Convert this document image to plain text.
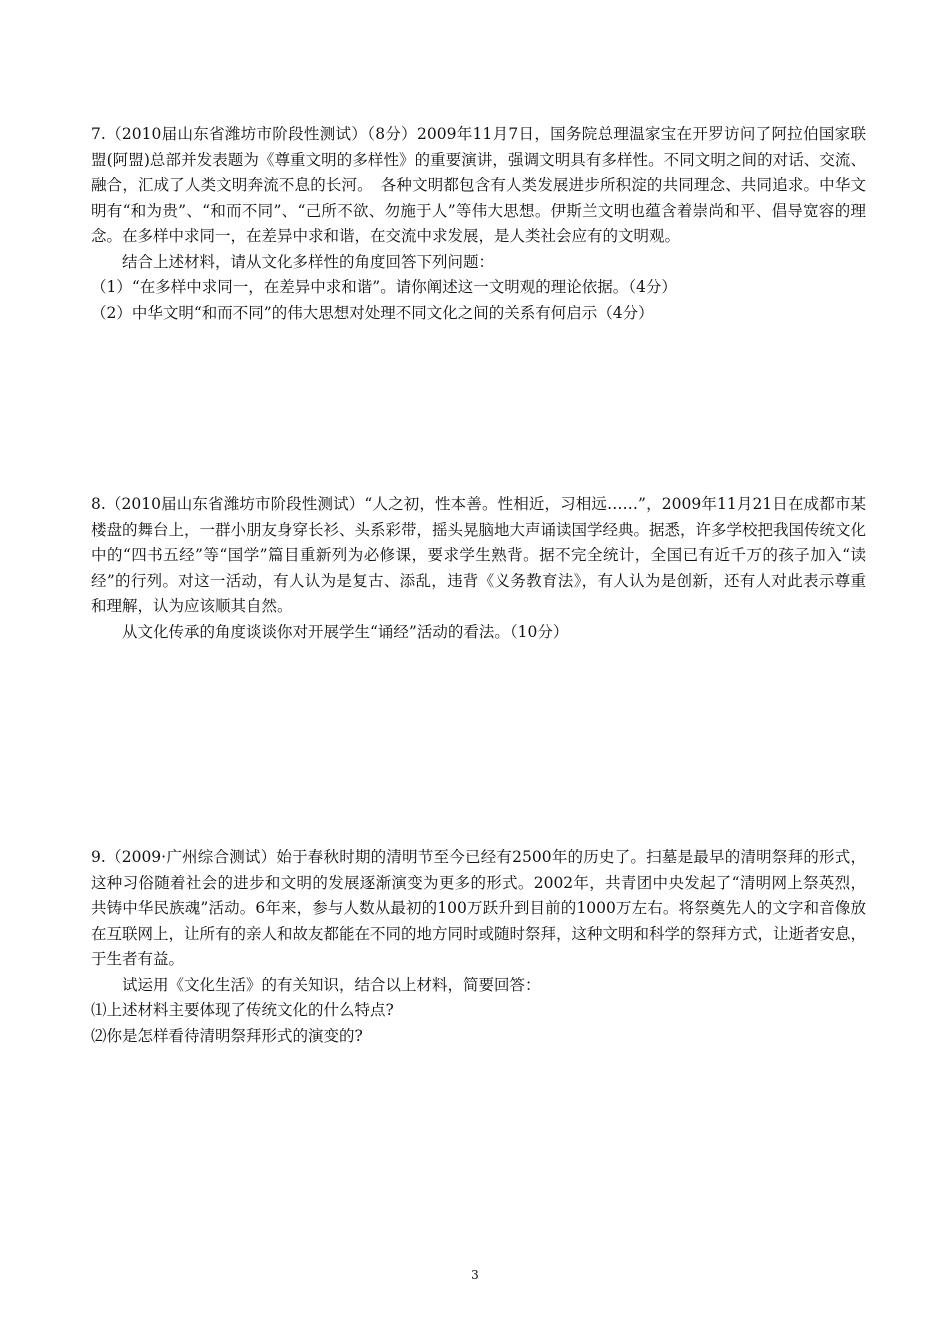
7.（2010届山东省潍坊市阶段性测试）（8分）2009年11月7日，国务院总理温家宝在开罗访问了阿拉伯国家联盟(阿盟)总部并发表题为《尊重文明的多样性》的重要演讲，强调文明具有多样性。不同文明之间的对话、交流、融合，汇成了人类文明奔流不息的长河。　各种文明都包含有人类发展进步所积淀的共同理念、共同追求。中华文明有“和为贵”、“和而不同”、“己所不欲、勿施于人”等伟大思想。伊斯兰文明也蕴含着崇尚和平、倡导宽容的理念。在多样中求同一，在差异中求和谐，在交流中求发展，是人类社会应有的文明观。

结合上述材料，请从文化多样性的角度回答下列问题：

（1）“在多样中求同一，在差异中求和谐”。请你阐述这一文明观的理论依据。（4分）

（2）中华文明“和而不同”的伟大思想对处理不同文化之间的关系有何启示（4分）

8.（2010届山东省潍坊市阶段性测试）“人之初，性本善。性相近，习相远……”，2009年11月21日在成都市某楼盘的舞台上，一群小朋友身穿长衫、头系彩带，摇头晃脑地大声诵读国学经典。据悉，许多学校把我国传统文化中的“四书五经”等“国学”篇目重新列为必修课，要求学生熟背。据不完全统计，全国已有近千万的孩子加入“读经”的行列。对这一活动，有人认为是复古、添乱，违背《义务教育法》，有人认为是创新，还有人对此表示尊重和理解，认为应该顺其自然。

从文化传承的角度谈谈你对开展学生“诵经”活动的看法。（10分）

9.（2009·广州综合测试）始于春秋时期的清明节至今已经有2500年的历史了。扫墓是最早的清明祭拜的形式，这种习俗随着社会的进步和文明的发展逐渐演变为更多的形式。2002年，共青团中央发起了“清明网上祭英烈，共铸中华民族魂”活动。6年来，参与人数从最初的100万跃升到目前的1000万左右。将祭奠先人的文字和音像放在互联网上，让所有的亲人和故友都能在不同的地方同时或随时祭拜，这种文明和科学的祭拜方式，让逝者安息，于生者有益。

试运用《文化生活》的有关知识，结合以上材料，简要回答：

⑴上述材料主要体现了传统文化的什么特点?

⑵你是怎样看待清明祭拜形式的演变的?

3
